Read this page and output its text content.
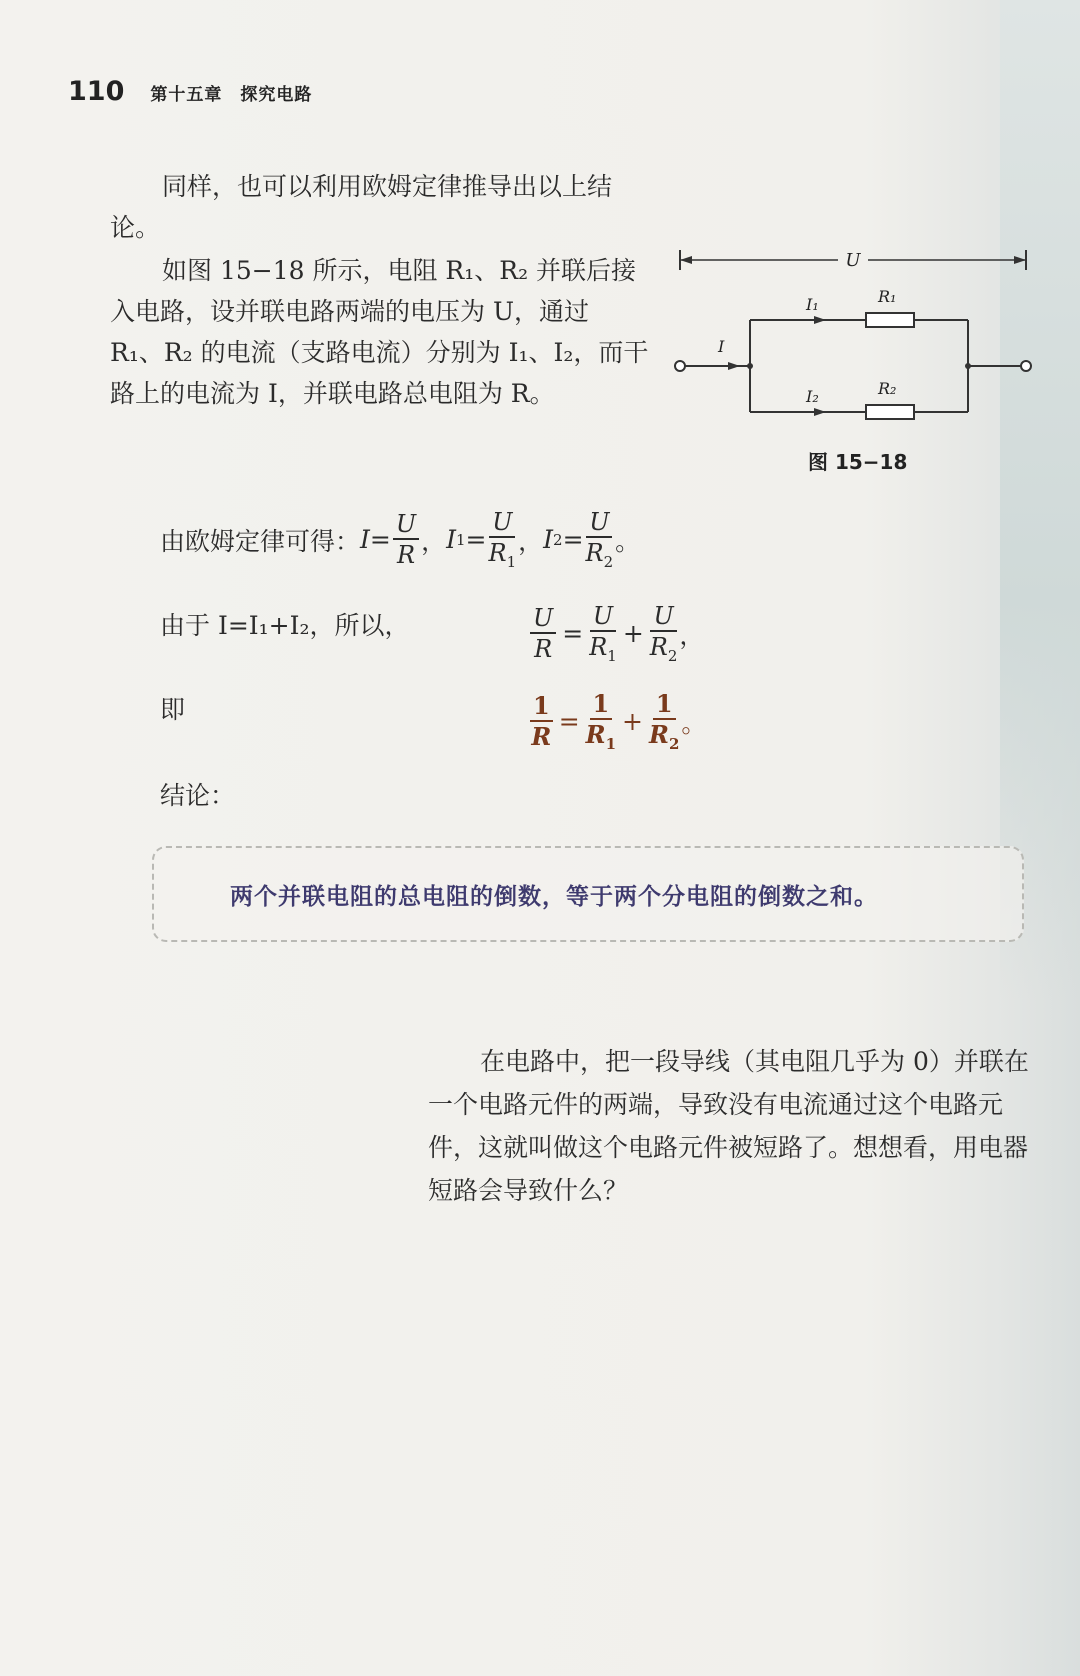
110 第十五章　探究电路
同样，也可以利用欧姆定律推导出以上结论。
如图 15−18 所示，电阻 R₁、R₂ 并联后接入电路，设并联电路两端的电压为 U，通过 R₁、R₂ 的电流（支路电流）分别为 I₁、I₂，而干路上的电流为 I，并联电路总电阻为 R。
U
I
I₁
I₂
R₁
R₂
图 15−18
由欧姆定律可得： $I = \frac{U}{R}$ ， I $1 = \frac{U}{R_1}$ ， I $2 = \frac{U}{R_2}$ 。
由于 I=I₁+I₂，所以，	$\frac{U}{R} = \frac{U}{R_1} + \frac{U}{R_2}$ ，
即	$\frac{1}{R} = \frac{1}{R_1} + \frac{1}{R_2}$ 。
结论：
两个并联电阻的总电阻的倒数，等于两个分电阻的倒数之和。
在电路中，把一段导线（其电阻几乎为 0）并联在一个电路元件的两端，导致没有电流通过这个电路元件，这就叫做这个电路元件被短路了。想想看，用电器短路会导致什么？
